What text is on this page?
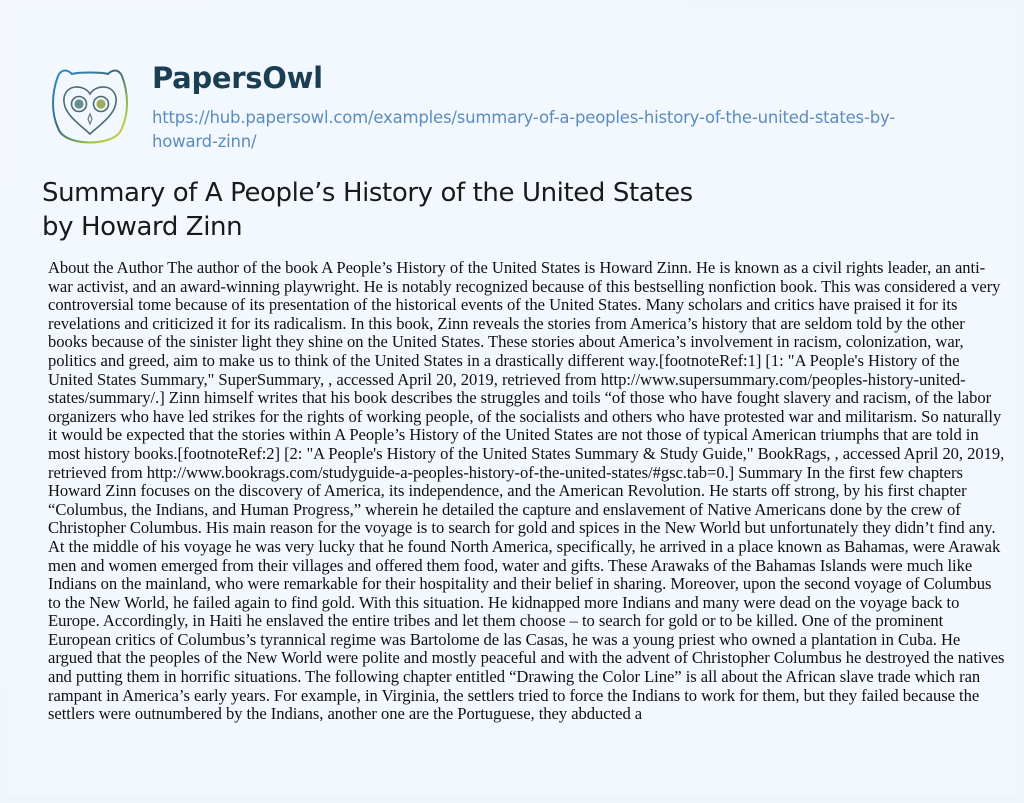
PapersOwl
https://hub.papersowl.com/examples/summary-of-a-peoples-history-of-the-united-states-by-
howard-zinn/
Summary of A People’s History of the United States
by Howard Zinn

About the Author The author of the book A People’s History of the United States is Howard Zinn. He is known as a civil rights leader, an anti-war activist, and an award-winning playwright. He is notably recognized because of this bestselling nonfiction book. This was considered a very controversial tome because of its presentation of the historical events of the United States. Many scholars and critics have praised it for its revelations and criticized it for its radicalism. In this book, Zinn reveals the stories from America’s history that are seldom told by the other books because of the sinister light they shine on the United States. These stories about America’s involvement in racism, colonization, war, politics and greed, aim to make us to think of the United States in a drastically different way.[footnoteRef:1] [1: "A People's History of the United States Summary," SuperSummary, , accessed April 20, 2019, retrieved from http://www.supersummary.com/peoples-history-united-states/summary/.] Zinn himself writes that his book describes the struggles and toils “of those who have fought slavery and racism, of the labor organizers who have led strikes for the rights of working people, of the socialists and others who have protested war and militarism. So naturally it would be expected that the stories within A People’s History of the United States are not those of typical American triumphs that are told in most history books.[footnoteRef:2] [2: "A People's History of the United States Summary & Study Guide," BookRags, , accessed April 20, 2019, retrieved from http://www.bookrags.com/studyguide-a-peoples-history-of-the-united-states/#gsc.tab=0.] Summary In the first few chapters Howard Zinn focuses on the discovery of America, its independence, and the American Revolution. He starts off strong, by his first chapter “Columbus, the Indians, and Human Progress,” wherein he detailed the capture and enslavement of Native Americans done by the crew of Christopher Columbus. His main reason for the voyage is to search for gold and spices in the New World but unfortunately they didn’t find any. At the middle of his voyage he was very lucky that he found North America, specifically, he arrived in a place known as Bahamas, were Arawak men and women emerged from their villages and offered them food, water and gifts. These Arawaks of the Bahamas Islands were much like Indians on the mainland, who were remarkable for their hospitality and their belief in sharing. Moreover, upon the second voyage of Columbus to the New World, he failed again to find gold. With this situation. He kidnapped more Indians and many were dead on the voyage back to Europe. Accordingly, in Haiti he enslaved the entire tribes and let them choose – to search for gold or to be killed. One of the prominent European critics of Columbus’s tyrannical regime was Bartolome de las Casas, he was a young priest who owned a plantation in Cuba. He argued that the peoples of the New World were polite and mostly peaceful and with the advent of Christopher Columbus he destroyed the natives and putting them in horrific situations. The following chapter entitled “Drawing the Color Line” is all about the African slave trade which ran rampant in America’s early years. For example, in Virginia, the settlers tried to force the Indians to work for them, but they failed because the settlers were outnumbered by the Indians, another one are the Portuguese, they abducted a
